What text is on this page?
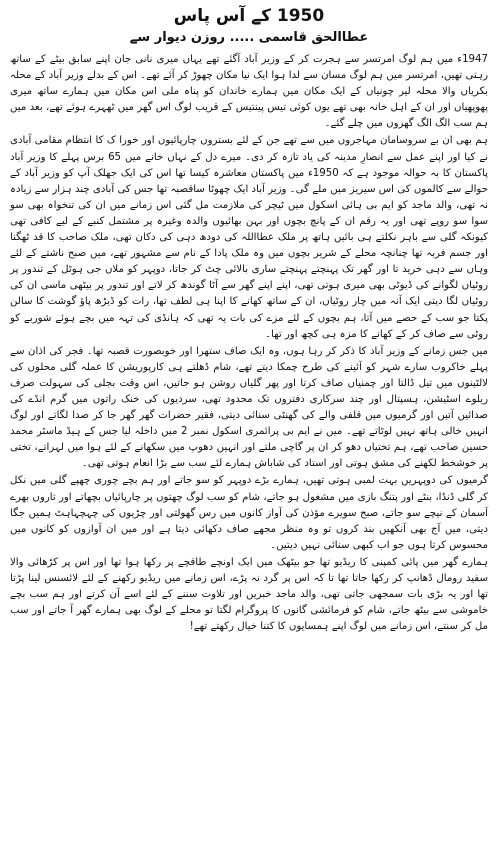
1950 کے آس پاس
عطاالحق قاسمی ..... روزن دیوار سے

1947ء میں ہم لوگ امرتسر سے ہجرت کر کے وزیر آباد آگئے تھے یہاں میری نانی جان اپنے سابق بیٹے کے ساتھ رہتی تھیں، امرتسر میں ہم لوگ مسان سے لدا ہوا ایک نیا مکان چھوڑ کر آئے تھے۔ اس کے بدلے وزیر آباد کے محلہ بکریاں والا محلہ لیر چونیاں کے ایک مکان میں ہمارے خاندان کو پناہ ملی اس مکان میں ہمارے ساتھ میری پھوپھیاں اور ان کے اہل خانہ بھی تھے یوں کوئی تیس پینتیس کے قریب لوگ اس گھر میں ٹھہرے ہوئے تھے، بعد میں ہم سب الگ الگ گھروں میں چلے گئے۔

ہم بھی ان بے سروسامان مہاجروں میں سے تھے جن کے لئے بستروں چارپائیوں اور خورا ک کا انتظام مقامی آبادی نے کیا اور اپنے عمل سے انصارِ مدینہ کی یاد تازہ کر دی۔ میرے دل کے نہاں خانے میں 65 برس پہلے کا وزیر آباد پاکستان کا بہ حوالہ موجود ہے کہ 1950ء میں پاکستان معاشرہ کیسا تھا اس کی ایک جھلک آپ کو وزیر آباد کے حوالے سے کالموں کی اس سیریز میں ملے گی۔ وزیر آباد ایک چھوٹا ساقصبہ تھا جس کی آبادی چند ہزار سے زیادہ نہ تھی، والد ماجد کو ایم بی ہائی اسکول میں ٹیچر کی ملازمت مل گئی اس زمانے میں ان کی تنخواہ بھی سو سوا سو روپے تھی اور یہ رقم ان کے پانچ بچوں اور بہن بھائیوں والدہ وغیرہ پر مشتمل کنبے کے لیے کافی تھی کیونکہ گلی سے باہر نکلتے ہی بائیں ہاتھ پر ملک عطااللہ کی دودھ دہی کی دکان تھی، ملک صاحب کا قد ٹھگنا اور جسم فربہ تھا چنانچہ محلے کے شریر بچوں میں وہ ملک پادا کے نام سے مشہور تھے، میں صبح ناشتے کے لئے وہاں سے دہی خرید تا اور گھر تک پہنچتے پہنچتے ساری بالائی چٹ کر جاتا، دوپہر کو ملاں جی ہوٹل کے تندور پر روٹیاں لگوانے کی ڈیوٹی بھی میری ہوتی تھی، اپنے اپنے گھر سے آٹا گوندھ کر لاتے اور تندور پر بیٹھی ماسی ان کی روٹیاں لگا دیتی ایک آنہ میں چار روٹیاں، ان کے ساتھ کھانے کا اپنا ہی لطف تھا، رات کو ڈیڑھ پاؤ گوشت کا سالن پکتا جو سب کے حصے میں آتا، ہم بچوں کے لئے مزے کی بات یہ تھی کہ ہانڈی کی تہہ میں بچے ہوئے شوربے کو روٹی سے صاف کر کے کھانے کا مزہ ہی کچھ اور تھا۔

میں جس زمانے کے وزیر آباد کا ذکر کر رہا ہوں، وہ ایک صاف ستھرا اور خوبصورت قصبہ تھا۔ فجر کی اذان سے پہلے خاکروب سارے شہر کو آئینے کی طرح چمکا دیتے تھے، شام ڈھلتے ہی کارپوریشن کا عملہ گلی محلوں کی لالٹینوں میں تیل ڈالتا اور چمنیاں صاف کرتا اور پھر گلیاں روشن ہو جاتیں، اس وقت بجلی کی سہولت صرف ریلوے اسٹیشن، ہسپتال اور چند سرکاری دفتروں تک محدود تھی، سردیوں کی خنک راتوں میں گرم انڈے کی صدائیں آتیں اور گرمیوں میں قلفی والے کی گھنٹی سنائی دیتی، فقیر حضرات گھر گھر جا کر صدا لگاتے اور لوگ انہیں خالی ہاتھ نہیں لوٹاتے تھے۔ میں نے ایم بی پرائمری اسکول نمبر 2 میں داخلہ لیا جس کے ہیڈ ماسٹر محمد حسین صاحب تھے، ہم تختیاں دھو کر ان پر گاچی ملتے اور انہیں دھوپ میں سکھانے کے لئے ہوا میں لہراتے، تختی پر خوشخط لکھنے کی مشق ہوتی اور استاد کی شاباش ہمارے لئے سب سے بڑا انعام ہوتی تھی۔

گرمیوں کی دوپہریں بہت لمبی ہوتی تھیں، ہمارے بڑے دوپہر کو سو جاتے اور ہم بچے چوری چھپے گلی میں نکل کر گلی ڈنڈا، بنٹے اور پتنگ بازی میں مشغول ہو جاتے، شام کو سب لوگ چھتوں پر چارپائیاں بچھاتے اور تاروں بھرے آسمان کے نیچے سو جاتے، صبح سویرے مؤذن کی آواز کانوں میں رس گھولتی اور چڑیوں کی چہچہاہٹ ہمیں جگا دیتی، میں آج بھی آنکھیں بند کروں تو وہ منظر مجھے صاف دکھائی دیتا ہے اور میں ان آوازوں کو کانوں میں محسوس کرتا ہوں جو اب کبھی سنائی نہیں دیتیں۔

ہمارے گھر میں پائی کمپنی کا ریڈیو تھا جو بیٹھک میں ایک اونچے طاقچے پر رکھا ہوا تھا اور اس پر کڑھائی والا سفید رومال ڈھانپ کر رکھا جاتا تھا تا کہ اس پر گرد نہ پڑے، اس زمانے میں ریڈیو رکھنے کے لئے لائسنس لینا پڑتا تھا اور یہ بڑی بات سمجھی جاتی تھی، والد ماجد خبریں اور تلاوت سننے کے لئے اسے آن کرتے اور ہم سب بچے خاموشی سے بیٹھ جاتے، شام کو فرمائشی گانوں کا پروگرام لگتا تو محلے کے لوگ بھی ہمارے گھر آ جاتے اور سب مل کر سنتے، اس زمانے میں لوگ اپنے ہمسایوں کا کتنا خیال رکھتے تھے!
